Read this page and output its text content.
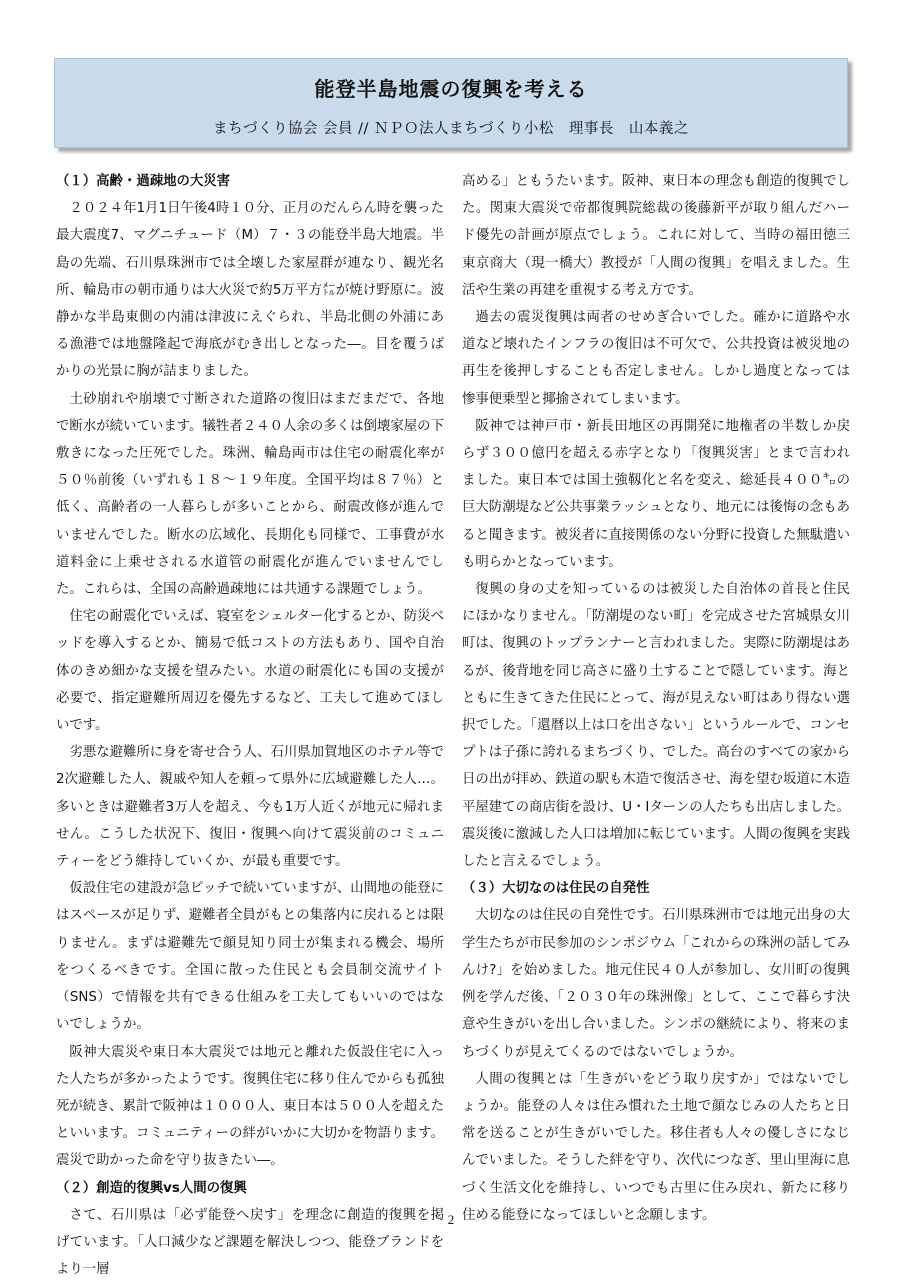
能登半島地震の復興を考える
まちづくり協会 会員 // ＮＰＯ法人まちづくり小松　理事長　山本義之
（１）高齢・過疎地の大災害

２０２４年1月1日午後4時１０分、正月のだんらん時を襲った最大震度7、マグニチュード（M）７・３の能登半島大地震。半島の先端、石川県珠洲市では全壊した家屋群が連なり、観光名所、輪島市の朝市通りは大火災で約5万平方㍍が焼け野原に。波静かな半島東側の内浦は津波にえぐられ、半島北側の外浦にある漁港では地盤隆起で海底がむき出しとなった―。目を覆うばかりの光景に胸が詰まりました。

土砂崩れや崩壊で寸断された道路の復旧はまだまだで、各地で断水が続いています。犠牲者２４０人余の多くは倒壊家屋の下敷きになった圧死でした。珠洲、輪島両市は住宅の耐震化率が５０％前後（いずれも１８～１９年度。全国平均は８７％）と低く、高齢者の一人暮らしが多いことから、耐震改修が進んでいませんでした。断水の広域化、長期化も同様で、工事費が水道料金に上乗せされる水道管の耐震化が進んでいませんでした。これらは、全国の高齢過疎地には共通する課題でしょう。

住宅の耐震化でいえば、寝室をシェルター化するとか、防災ベッドを導入するとか、簡易で低コストの方法もあり、国や自治体のきめ細かな支援を望みたい。水道の耐震化にも国の支援が必要で、指定避難所周辺を優先するなど、工夫して進めてほしいです。

劣悪な避難所に身を寄せ合う人、石川県加賀地区のホテル等で2次避難した人、親戚や知人を頼って県外に広域避難した人…。多いときは避難者3万人を超え、今も1万人近くが地元に帰れません。こうした状況下、復旧・復興へ向けて震災前のコミュニティーをどう維持していくか、が最も重要です。

仮設住宅の建設が急ピッチで続いていますが、山間地の能登にはスペースが足りず、避難者全員がもとの集落内に戻れるとは限りません。まずは避難先で顔見知り同士が集まれる機会、場所をつくるべきです。全国に散った住民とも会員制交流サイト（SNS）で情報を共有できる仕組みを工夫してもいいのではないでしょうか。

阪神大震災や東日本大震災では地元と離れた仮設住宅に入った人たちが多かったようです。復興住宅に移り住んでからも孤独死が続き、累計で阪神は１０００人、東日本は５００人を超えたといいます。コミュニティーの絆がいかに大切かを物語ります。震災で助かった命を守り抜きたい―。

（２）創造的復興vs人間の復興

さて、石川県は「必ず能登へ戻す」を理念に創造的復興を掲げています。「人口減少など課題を解決しつつ、能登ブランドをより一層

高める」ともうたいます。阪神、東日本の理念も創造的復興でした。関東大震災で帝都復興院総裁の後藤新平が取り組んだハード優先の計画が原点でしょう。これに対して、当時の福田徳三東京商大（現一橋大）教授が「人間の復興」を唱えました。生活や生業の再建を重視する考え方です。

過去の震災復興は両者のせめぎ合いでした。確かに道路や水道など壊れたインフラの復旧は不可欠で、公共投資は被災地の再生を後押しすることも否定しません。しかし過度となっては惨事便乗型と揶揄されてしまいます。

阪神では神戸市・新長田地区の再開発に地権者の半数しか戻らず３００億円を超える赤字となり「復興災害」とまで言われました。東日本では国土強靱化と名を変え、総延長４００㌔の巨大防潮堤など公共事業ラッシュとなり、地元には後悔の念もあると聞きます。被災者に直接関係のない分野に投資した無駄遣いも明らかとなっています。

復興の身の丈を知っているのは被災した自治体の首長と住民にほかなりません。「防潮堤のない町」を完成させた宮城県女川町は、復興のトップランナーと言われました。実際に防潮堤はあるが、後背地を同じ高さに盛り土することで隠しています。海とともに生きてきた住民にとって、海が見えない町はあり得ない選択でした。「還暦以上は口を出さない」というルールで、コンセプトは子孫に誇れるまちづくり、でした。高台のすべての家から日の出が拝め、鉄道の駅も木造で復活させ、海を望む坂道に木造平屋建ての商店街を設け、U・Iターンの人たちも出店しました。震災後に激減した人口は増加に転じています。人間の復興を実践したと言えるでしょう。

（３）大切なのは住民の自発性

大切なのは住民の自発性です。石川県珠洲市では地元出身の大学生たちが市民参加のシンポジウム「これからの珠洲の話してみんけ?」を始めました。地元住民４０人が参加し、女川町の復興例を学んだ後、「２０３０年の珠洲像」として、ここで暮らす決意や生きがいを出し合いました。シンポの継続により、将来のまちづくりが見えてくるのではないでしょうか。

人間の復興とは「生きがいをどう取り戻すか」ではないでしょうか。能登の人々は住み慣れた土地で顔なじみの人たちと日常を送ることが生きがいでした。移住者も人々の優しさになじんでいました。そうした絆を守り、次代につなぎ、里山里海に息づく生活文化を維持し、いつでも古里に住み戻れ、新たに移り住める能登になってほしいと念願します。

2
